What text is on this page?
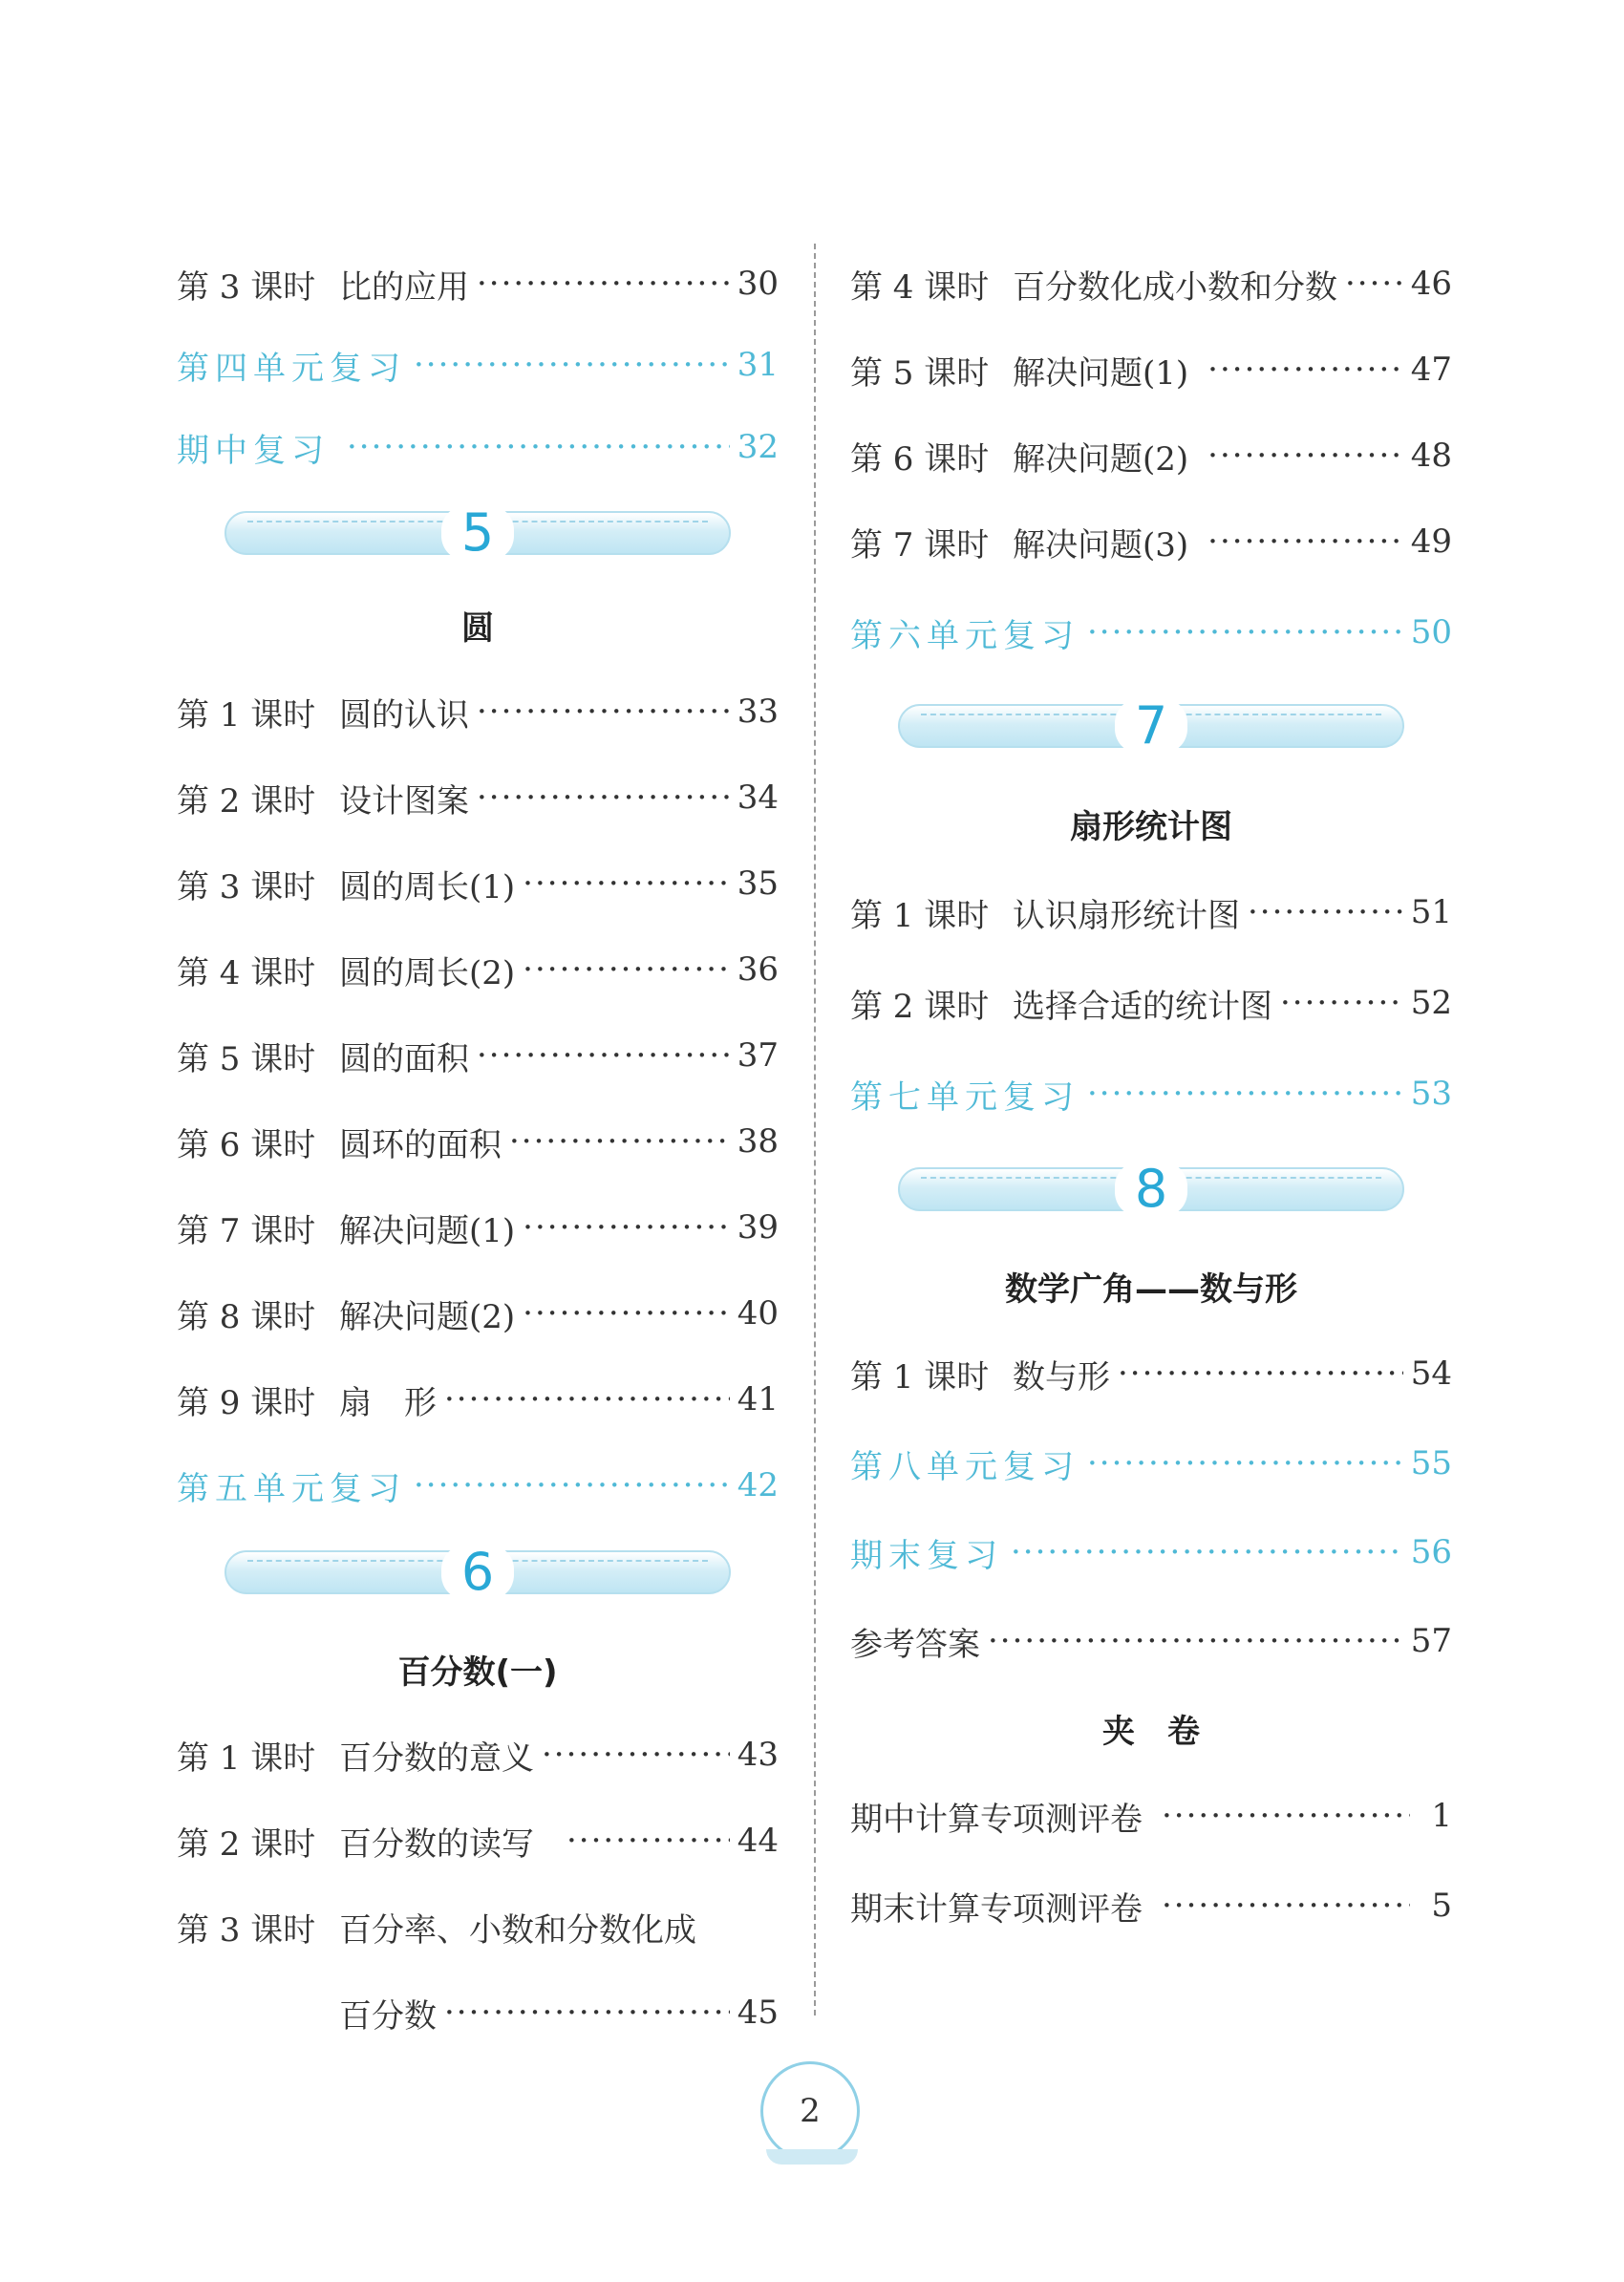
第 3 课时 比的应用 ·····	30
第四单元复习 ·····	31
期中复习 ·····	32
5
圆
第 1 课时 圆的认识 ·····	33
第 2 课时 设计图案 ·····	34
第 3 课时 圆的周长(1) ·····	35
第 4 课时 圆的周长(2) ·····	36
第 5 课时 圆的面积 ·····	37
第 6 课时 圆环的面积 ·····	38
第 7 课时 解决问题(1) ·····	39
第 8 课时 解决问题(2) ·····	40
第 9 课时 扇　形 ·····	41
第五单元复习 ·····	42
6
百分数(一)
第 1 课时 百分数的意义 ·····	43
第 2 课时 百分数的读写 ·····	44
第 3 课时 百分率、小数和分数化成
百分数 ·····	45
第 4 课时 百分数化成小数和分数 ····· 46
第 5 课时 解决问题(1) ·····	47
第 6 课时 解决问题(2) ·····	48
第 7 课时 解决问题(3) ·····	49
第六单元复习 ·····	50
7
扇形统计图
第 1 课时 认识扇形统计图 ·····	51
第 2 课时 选择合适的统计图 ·····	52
第七单元复习 ·····	53
8
数学广角——数与形
第 1 课时 数与形 ·····	54
第八单元复习 ·····	55
期末复习 ·····	56
参考答案 ·····	57
夹　卷
期中计算专项测评卷 ·····	1
期末计算专项测评卷 ·····	5
2
